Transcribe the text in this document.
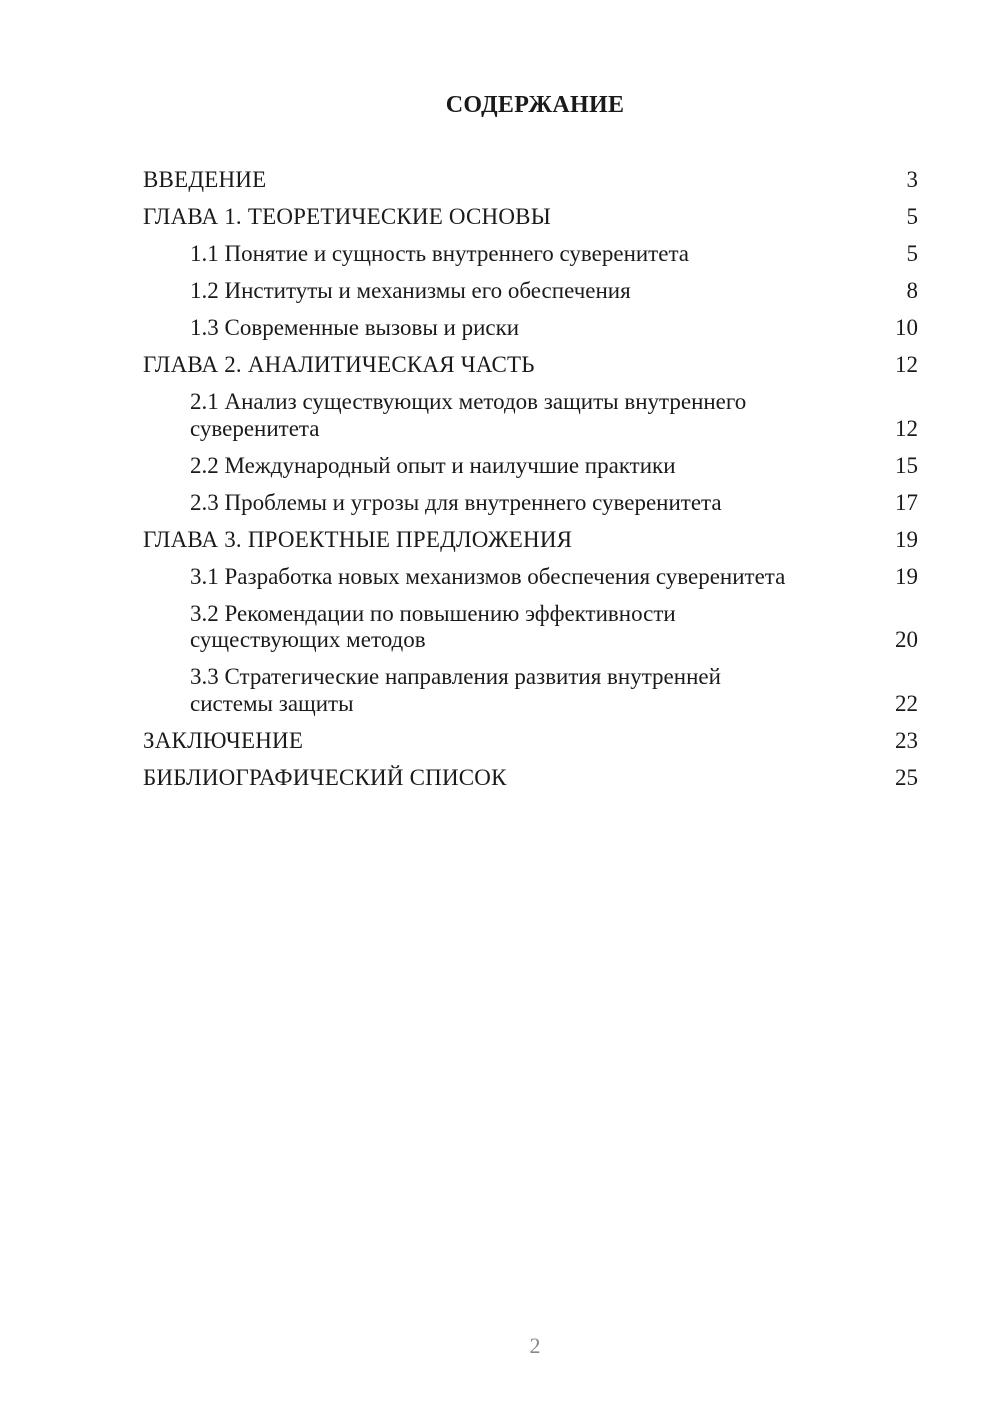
СОДЕРЖАНИЕ
ВВЕДЕНИЕ	3
ГЛАВА 1. ТЕОРЕТИЧЕСКИЕ ОСНОВЫ	5
1.1 Понятие и сущность внутреннего суверенитета	5
1.2 Институты и механизмы его обеспечения	8
1.3 Современные вызовы и риски	10
ГЛАВА 2. АНАЛИТИЧЕСКАЯ ЧАСТЬ	12
2.1 Анализ существующих методов защиты внутреннего суверенитета	12
2.2 Международный опыт и наилучшие практики	15
2.3 Проблемы и угрозы для внутреннего суверенитета	17
ГЛАВА 3. ПРОЕКТНЫЕ ПРЕДЛОЖЕНИЯ	19
3.1 Разработка новых механизмов обеспечения суверенитета	19
3.2 Рекомендации по повышению эффективности существующих методов	20
3.3 Стратегические направления развития внутренней системы защиты	22
ЗАКЛЮЧЕНИЕ	23
БИБЛИОГРАФИЧЕСКИЙ СПИСОК	25
2
